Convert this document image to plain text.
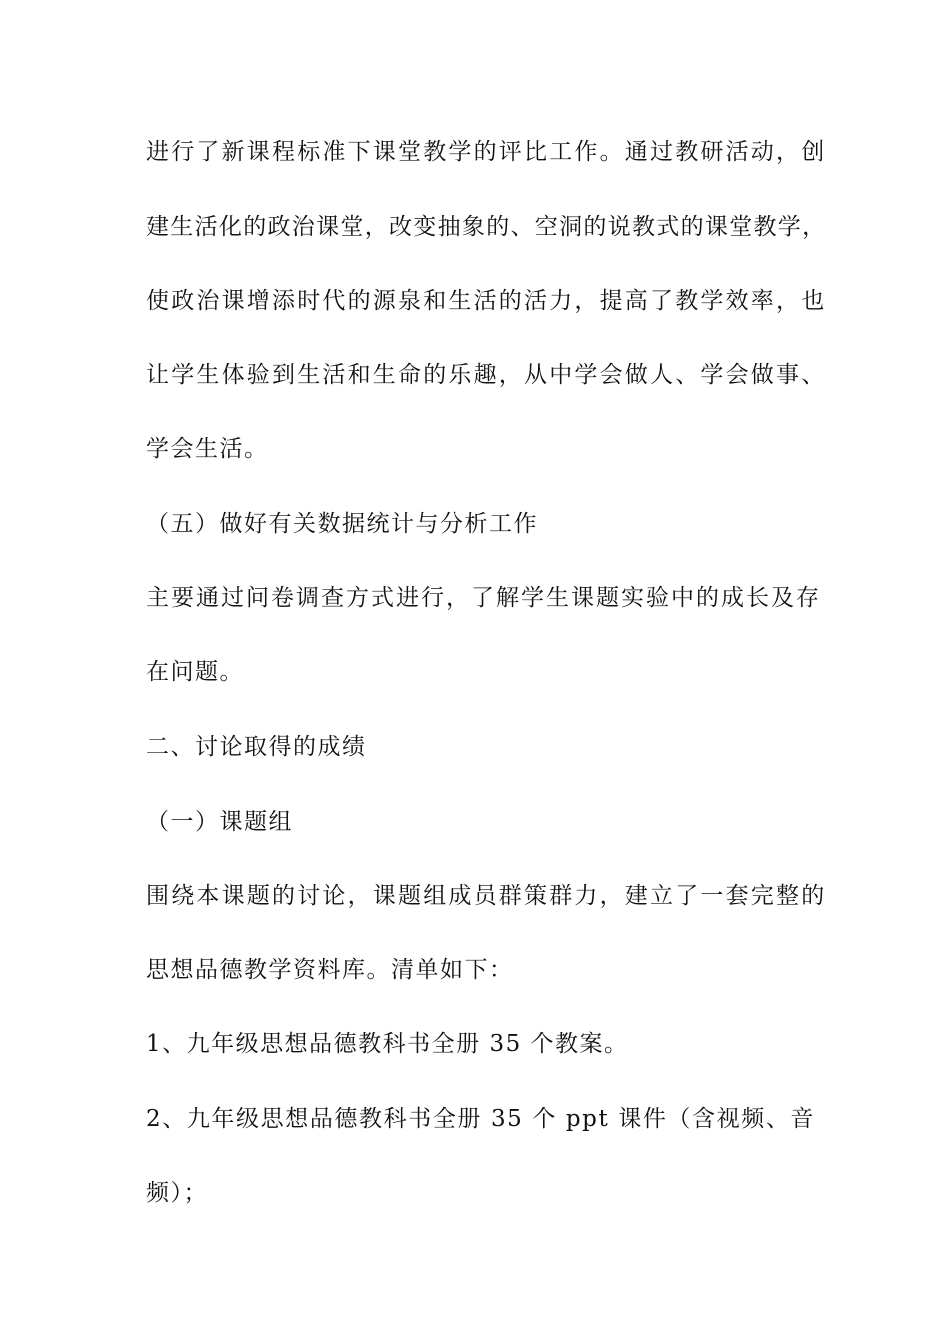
进行了新课程标准下课堂教学的评比工作。通过教研活动，创
建生活化的政治课堂，改变抽象的、空洞的说教式的课堂教学，
使政治课增添时代的源泉和生活的活力，提高了教学效率，也
让学生体验到生活和生命的乐趣，从中学会做人、学会做事、
学会生活。
（五）做好有关数据统计与分析工作
主要通过问卷调查方式进行，了解学生课题实验中的成长及存
在问题。
二、讨论取得的成绩
（一）课题组
围绕本课题的讨论，课题组成员群策群力，建立了一套完整的
思想品德教学资料库。清单如下：
1、九年级思想品德教科书全册 35 个教案。
2、九年级思想品德教科书全册 35 个 ppt 课件（含视频、音
频）；
